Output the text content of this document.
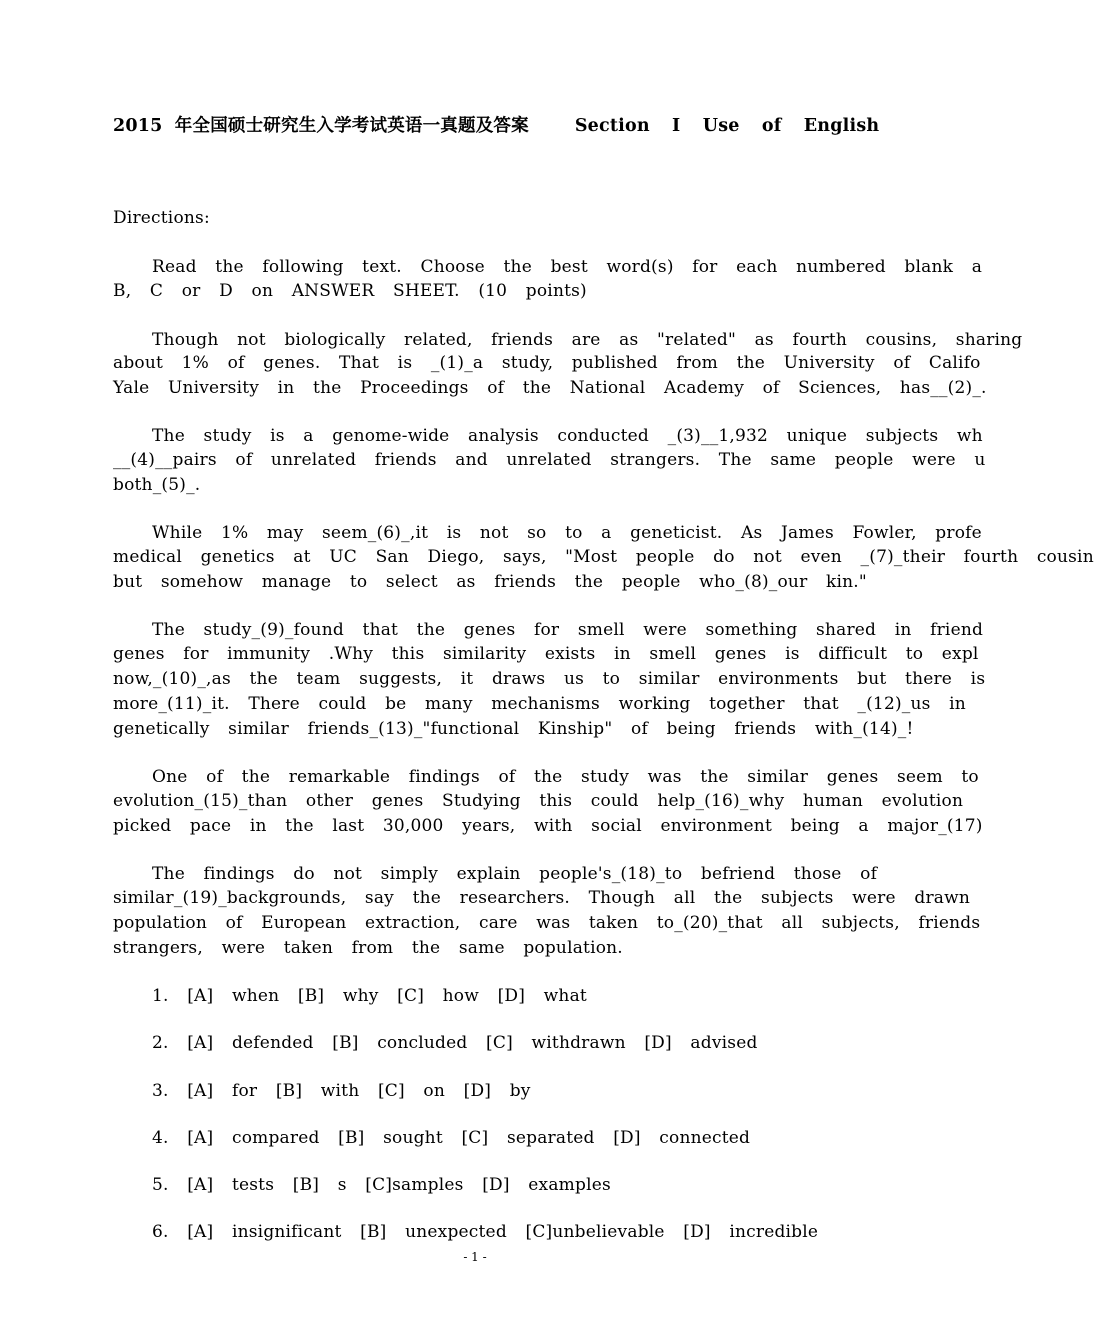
2015 年全国硕士研究生入学考试英语一真题及答案	Section I Use of English
Directions:
Read the following text. Choose the best word(s) for each numbered blank a
B, C or D on ANSWER SHEET. (10 points)
Though not biologically related, friends are as "related" as fourth cousins, sharing
about 1% of genes. That is _(1)_a study, published from the University of Califo
Yale University in the Proceedings of the National Academy of Sciences, has__(2)_.
The study is a genome-wide analysis conducted _(3)__1,932 unique subjects wh
__(4)__pairs of unrelated friends and unrelated strangers. The same people were u
both_(5)_.
While 1% may seem_(6)_,it is not so to a geneticist. As James Fowler, profe
medical genetics at UC San Diego, says, "Most people do not even _(7)_their fourth cousin
but somehow manage to select as friends the people who_(8)_our kin."
The study_(9)_found that the genes for smell were something shared in friend
genes for immunity .Why this similarity exists in smell genes is difficult to expl
now,_(10)_,as the team suggests, it draws us to similar environments but there is
more_(11)_it. There could be many mechanisms working together that _(12)_us in
genetically similar friends_(13)_"functional Kinship" of being friends with_(14)_!
One of the remarkable findings of the study was the similar genes seem to
evolution_(15)_than other genes Studying this could help_(16)_why human evolution
picked pace in the last 30,000 years, with social environment being a major_(17)
The findings do not simply explain people's_(18)_to befriend those of
similar_(19)_backgrounds, say the researchers. Though all the subjects were drawn
population of European extraction, care was taken to_(20)_that all subjects, friends
strangers, were taken from the same population.
1. [A] when [B] why [C] how [D] what
2. [A] defended [B] concluded [C] withdrawn [D] advised
3. [A] for [B] with [C] on [D] by
4. [A] compared [B] sought [C] separated [D] connected
5. [A] tests [B] s [C]samples [D] examples
6. [A] insignificant [B] unexpected [C]unbelievable [D] incredible
- 1 -
